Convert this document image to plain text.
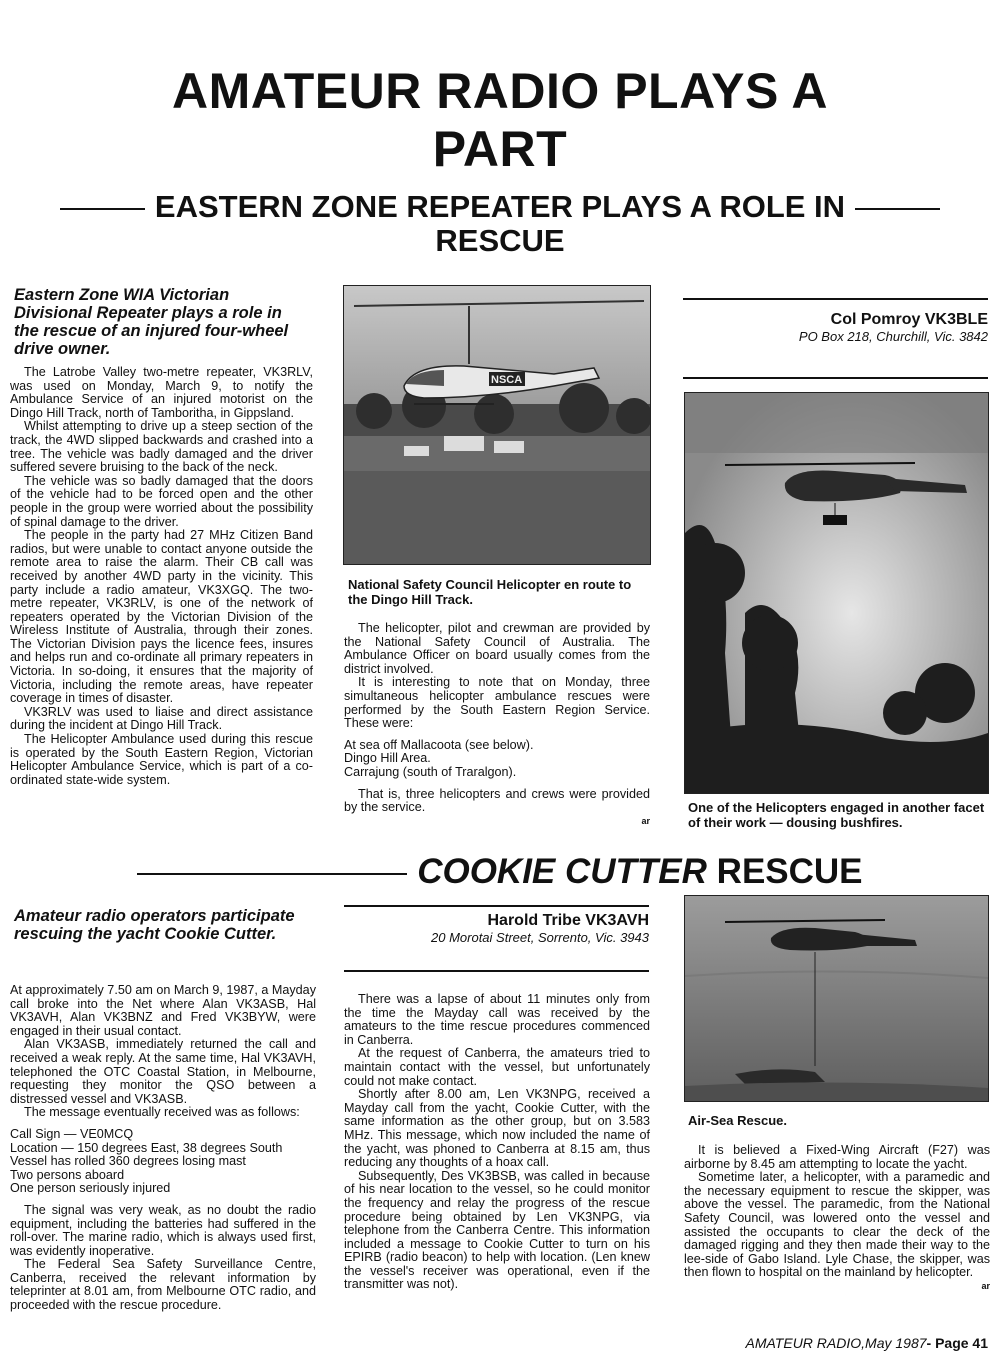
AMATEUR RADIO PLAYS A
PART
EASTERN ZONE REPEATER PLAYS A ROLE IN
RESCUE
Eastern Zone WIA Victorian Divisional Repeater plays a role in the rescue of an injured four-wheel drive owner.

The Latrobe Valley two-metre repeater, VK3RLV, was used on Monday, March 9, to notify the Ambulance Service of an injured motorist on the Dingo Hill Track, north of Tamboritha, in Gippsland.

Whilst attempting to drive up a steep section of the track, the 4WD slipped backwards and crashed into a tree. The vehicle was badly damaged and the driver suffered severe bruising to the back of the neck.

The vehicle was so badly damaged that the doors of the vehicle had to be forced open and the other people in the group were worried about the possibility of spinal damage to the driver.

The people in the party had 27 MHz Citizen Band radios, but were unable to contact anyone outside the remote area to raise the alarm. Their CB call was received by another 4WD party in the vicinity. This party include a radio amateur, VK3XGQ. The two-metre repeater, VK3RLV, is one of the network of repeaters operated by the Victorian Division of the Wireless Institute of Australia, through their zones. The Victorian Division pays the licence fees, insures and helps run and co-ordinate all primary repeaters in Victoria. In so-doing, it ensures that the majority of Victoria, including the remote areas, have repeater coverage in times of disaster.

VK3RLV was used to liaise and direct assistance during the incident at Dingo Hill Track.

The Helicopter Ambulance used during this rescue is operated by the South Eastern Region, Victorian Helicopter Ambulance Service, which is part of a co-ordinated state-wide system.

NSCA
National Safety Council Helicopter en route to the Dingo Hill Track.

The helicopter, pilot and crewman are provided by the National Safety Council of Australia. The Ambulance Officer on board usually comes from the district involved.

It is interesting to note that on Monday, three simultaneous helicopter ambulance rescues were performed by the South Eastern Region Service. These were:

At sea off Mallacoota (see below).
Dingo Hill Area.
Carrajung (south of Traralgon).

That is, three helicopters and crews were provided by the service.

ar
Col Pomroy VK3BLE
PO Box 218, Churchill, Vic. 3842
One of the Helicopters engaged in another facet of their work — dousing bushfires.
COOKIE CUTTER RESCUE
Amateur radio operators participate rescuing the yacht Cookie Cutter.

At approximately 7.50 am on March 9, 1987, a Mayday call broke into the Net where Alan VK3ASB, Hal VK3AVH, Alan VK3BNZ and Fred VK3BYW, were engaged in their usual contact.

Alan VK3ASB, immediately returned the call and received a weak reply. At the same time, Hal VK3AVH, telephoned the OTC Coastal Station, in Melbourne, requesting they monitor the QSO between a distressed vessel and VK3ASB.

The message eventually received was as follows:

Call Sign — VE0MCQ
Location — 150 degrees East, 38 degrees South
Vessel has rolled 360 degrees losing mast
Two persons aboard
One person seriously injured

The signal was very weak, as no doubt the radio equipment, including the batteries had suffered in the roll-over. The marine radio, which is always used first, was evidently inoperative.

The Federal Sea Safety Surveillance Centre, Canberra, received the relevant information by teleprinter at 8.01 am, from Melbourne OTC radio, and proceeded with the rescue procedure.

Harold Tribe VK3AVH
20 Morotai Street, Sorrento, Vic. 3943

There was a lapse of about 11 minutes only from the time the Mayday call was received by the amateurs to the time rescue procedures commenced in Canberra.

At the request of Canberra, the amateurs tried to maintain contact with the vessel, but unfortunately could not make contact.

Shortly after 8.00 am, Len VK3NPG, received a Mayday call from the yacht, Cookie Cutter, with the same information as the other group, but on 3.583 MHz. This message, which now included the name of the yacht, was phoned to Canberra at 8.15 am, thus reducing any thoughts of a hoax call.

Subsequently, Des VK3BSB, was called in because of his near location to the vessel, so he could monitor the frequency and relay the progress of the rescue procedure being obtained by Len VK3NPG, via telephone from the Canberra Centre. This information included a message to Cookie Cutter to turn on his EPIRB (radio beacon) to help with location. (Len knew the vessel's receiver was operational, even if the transmitter was not).

Air-Sea Rescue.

It is believed a Fixed-Wing Aircraft (F27) was airborne by 8.45 am attempting to locate the yacht.

Sometime later, a helicopter, with a paramedic and the necessary equipment to rescue the skipper, was above the vessel. The paramedic, from the National Safety Council, was lowered onto the vessel and assisted the occupants to clear the deck of the damaged rigging and they then made their way to the lee-side of Gabo Island. Lyle Chase, the skipper, was then flown to hospital on the mainland by helicopter.

ar
AMATEUR RADIO,May 1987- Page 41
